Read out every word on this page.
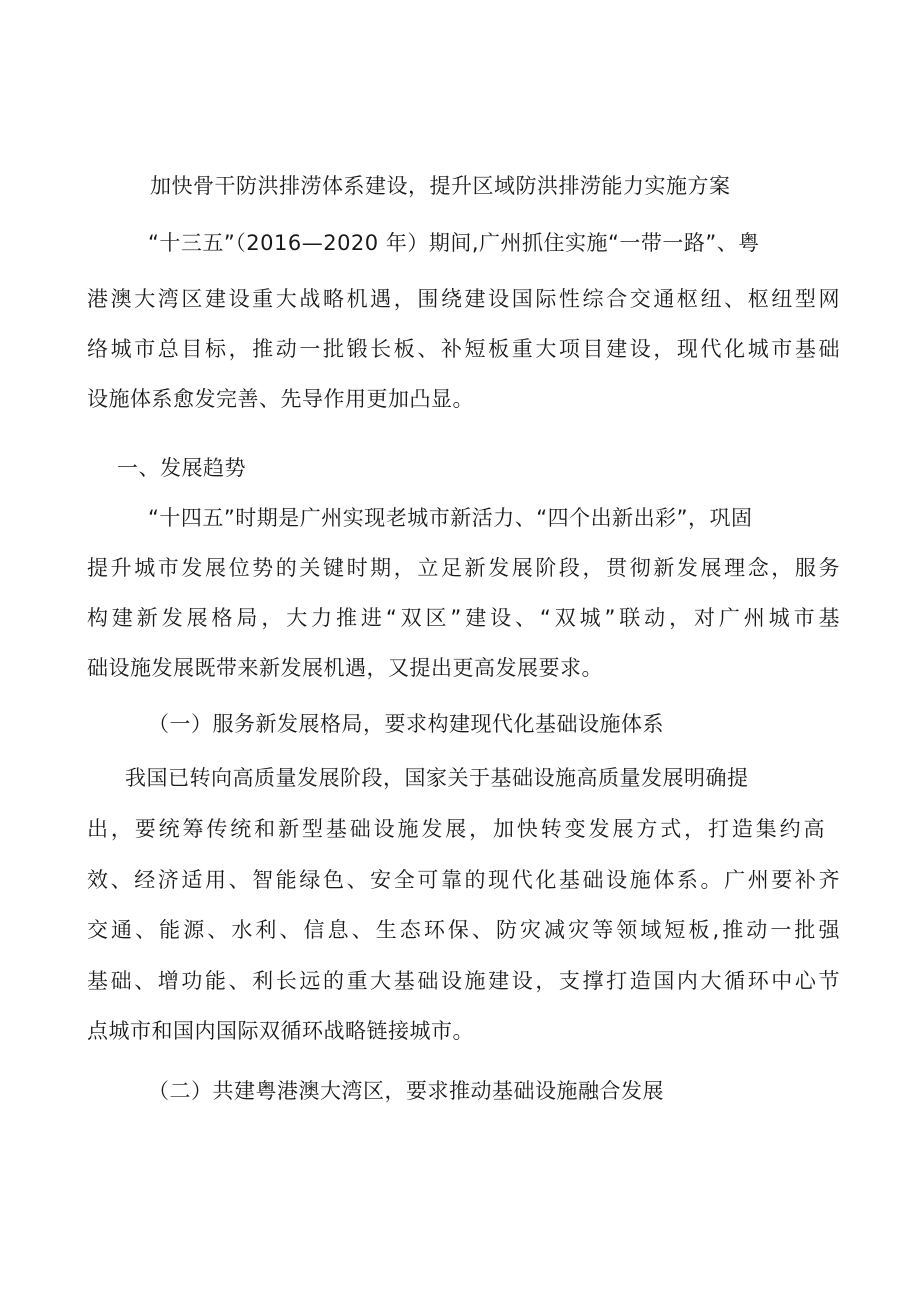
加快骨干防洪排涝体系建设，提升区域防洪排涝能力实施方案
“十三五”（2016—2020 年）期间,广州抓住实施“一带一路”、粤
港澳大湾区建设重大战略机遇，围绕建设国际性综合交通枢纽、枢纽型网
络城市总目标，推动一批锻长板、补短板重大项目建设，现代化城市基础
设施体系愈发完善、先导作用更加凸显。
一、发展趋势
“十四五”时期是广州实现老城市新活力、“四个出新出彩”，巩固
提升城市发展位势的关键时期，立足新发展阶段，贯彻新发展理念，服务
构建新发展格局，大力推进“双区”建设、“双城”联动，对广州城市基
础设施发展既带来新发展机遇，又提出更高发展要求。
（一）服务新发展格局，要求构建现代化基础设施体系
我国已转向高质量发展阶段，国家关于基础设施高质量发展明确提
出，要统筹传统和新型基础设施发展，加快转变发展方式，打造集约高
效、经济适用、智能绿色、安全可靠的现代化基础设施体系。广州要补齐
交通、能源、水利、信息、生态环保、防灾减灾等领域短板,推动一批强
基础、增功能、利长远的重大基础设施建设，支撑打造国内大循环中心节
点城市和国内国际双循环战略链接城市。
（二）共建粤港澳大湾区，要求推动基础设施融合发展
